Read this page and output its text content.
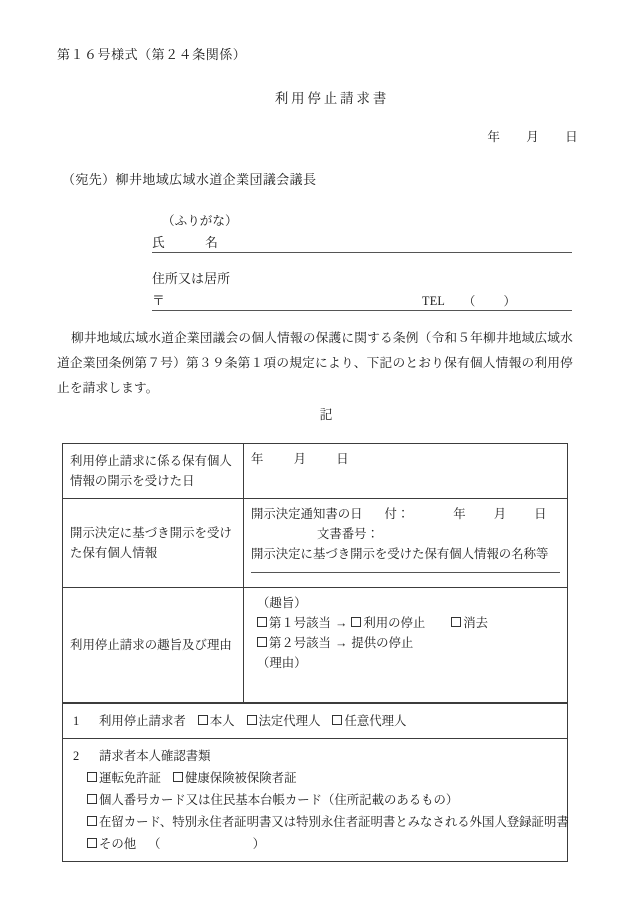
第１６号様式（第２４条関係）
利用停止請求書
年 月 日
（宛先）柳井地域広域水道企業団議会議長
（ふりがな）
氏	名
住所又は居所
〒	TEL （ ）
柳井地域広域水道企業団議会の個人情報の保護に関する条例（令和５年柳井地域広域水道企業団条例第７号）第３９条第１項の規定により、下記のとおり保有個人情報の利用停止を請求します。
記
利用停止請求に係る保有個人情報の開示を受けた日	年 月 日
開示決定に基づき開示を受けた保有個人情報	開示決定通知書の日 付： 年 月 日
文書番号：
開示決定に基づき開示を受けた保有個人情報の名称等

利用停止請求の趣旨及び理由	（趣旨）
第１号該当 → 利用の停止 消去
第２号該当 → 提供の停止
（理由）
1 利用停止請求者 本人 法定代理人 任意代理人

2 請求者本人確認書類
運転免許証 健康保険被保険者証
個人番号カード又は住民基本台帳カード（住所記載のあるもの）
在留カード、特別永住者証明書又は特別永住者証明書とみなされる外国人登録証明書
その他 （	）
